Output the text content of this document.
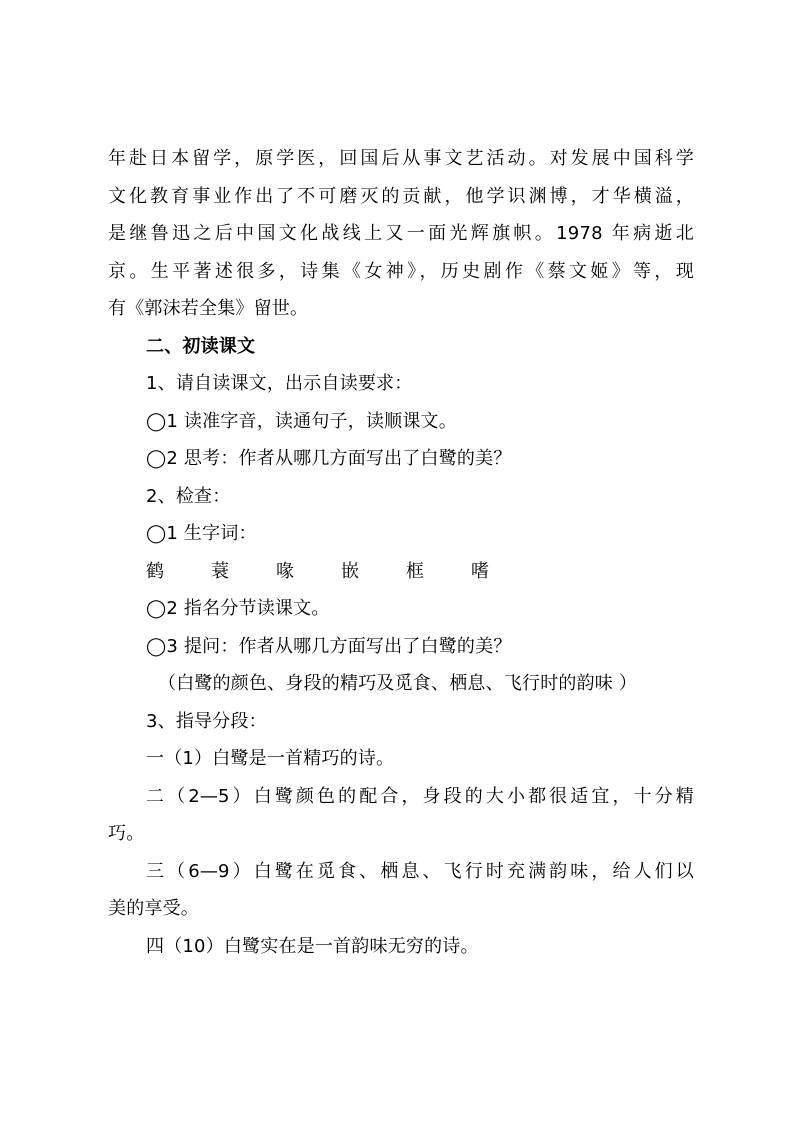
年赴日本留学，原学医，回国后从事文艺活动。对发展中国科学
文化教育事业作出了不可磨灭的贡献，他学识渊博，才华横溢，
是继鲁迅之后中国文化战线上又一面光辉旗帜。1978 年病逝北
京。生平著述很多，诗集《女神》，历史剧作《蔡文姬》等，现
有《郭沫若全集》留世。
二、初读课文
1、请自读课文，出示自读要求：
◯1 读准字音，读通句子，读顺课文。
◯2 思考：作者从哪几方面写出了白鹭的美？
2、检查：
◯1 生字词：
鹤	蓑	喙	嵌	框	嗜
◯2 指名分节读课文。
◯3 提问：作者从哪几方面写出了白鹭的美？
（白鹭的颜色、身段的精巧及觅食、栖息、飞行时的韵味 ）
3、指导分段：
一（1）白鹭是一首精巧的诗。
二（2—5）白鹭颜色的配合，身段的大小都很适宜，十分精
巧。
三（6—9）白鹭在觅食、栖息、飞行时充满韵味，给人们以
美的享受。
四（10）白鹭实在是一首韵味无穷的诗。
